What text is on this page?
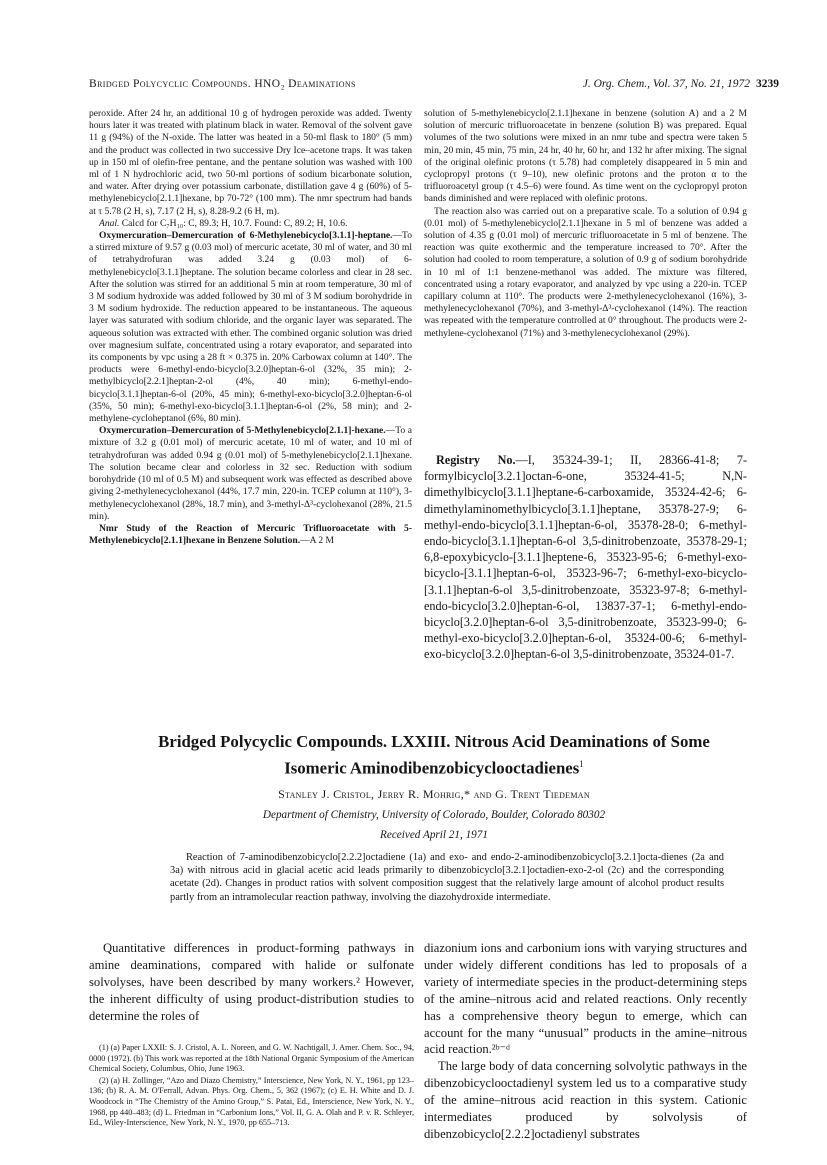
Bridged Polycyclic Compounds. HNO₂ Deaminations	J. Org. Chem., Vol. 37, No. 21, 1972 3239

peroxide. After 24 hr, an additional 10 g of hydrogen peroxide was added. Twenty hours later it was treated with platinum black in water. Removal of the solvent gave 11 g (94%) of the N-oxide. The latter was heated in a 50-ml flask to 180° (5 mm) and the product was collected in two successive Dry Ice–acetone traps. It was taken up in 150 ml of olefin-free pentane, and the pentane solution was washed with 100 ml of 1 N hydrochloric acid, two 50-ml portions of sodium bicarbonate solution, and water. After drying over potassium carbonate, distillation gave 4 g (60%) of 5-methylenebicyclo[2.1.1]hexane, bp 70-72° (100 mm). The nmr spectrum had bands at τ 5.78 (2 H, s), 7.17 (2 H, s), 8.28-9.2 (6 H, m).

Anal. Calcd for C₇H₁₀: C, 89.3; H, 10.7. Found: C, 89.2; H, 10.6.

Oxymercuration–Demercuration of 6-Methylenebicyclo[3.1.1]-heptane.—To a stirred mixture of 9.57 g (0.03 mol) of mercuric acetate, 30 ml of water, and 30 ml of tetrahydrofuran was added 3.24 g (0.03 mol) of 6-methylenebicyclo[3.1.1]heptane. The solution became colorless and clear in 28 sec. After the solution was stirred for an additional 5 min at room temperature, 30 ml of 3 M sodium hydroxide was added followed by 30 ml of 3 M sodium borohydride in 3 M sodium hydroxide. The reduction appeared to be instantaneous. The aqueous layer was saturated with sodium chloride, and the organic layer was separated. The aqueous solution was extracted with ether. The combined organic solution was dried over magnesium sulfate, concentrated using a rotary evaporator, and separated into its components by vpc using a 28 ft × 0.375 in. 20% Carbowax column at 140°. The products were 6-methyl-endo-bicyclo[3.2.0]heptan-6-ol (32%, 35 min); 2-methylbicyclo[2.2.1]heptan-2-ol (4%, 40 min); 6-methyl-endo-bicyclo[3.1.1]heptan-6-ol (20%, 45 min); 6-methyl-exo-bicyclo[3.2.0]heptan-6-ol (35%, 50 min); 6-methyl-exo-bicyclo[3.1.1]heptan-6-ol (2%, 58 min); and 2-methylene-cycloheptanol (6%, 80 min).

Oxymercuration–Demercuration of 5-Methylenebicyclo[2.1.1]-hexane.—To a mixture of 3.2 g (0.01 mol) of mercuric acetate, 10 ml of water, and 10 ml of tetrahydrofuran was added 0.94 g (0.01 mol) of 5-methylenebicyclo[2.1.1]hexane. The solution became clear and colorless in 32 sec. Reduction with sodium borohydride (10 ml of 0.5 M) and subsequent work was effected as described above giving 2-methylenecyclohexanol (44%, 17.7 min, 220-in. TCEP column at 110°), 3-methylenecyclohexanol (28%, 18.7 min), and 3-methyl-Δ³-cyclohexanol (28%, 21.5 min).

Nmr Study of the Reaction of Mercuric Trifluoroacetate with 5-Methylenebicyclo[2.1.1]hexane in Benzene Solution.—A 2 M

solution of 5-methylenebicyclo[2.1.1]hexane in benzene (solution A) and a 2 M solution of mercuric trifluoroacetate in benzene (solution B) was prepared. Equal volumes of the two solutions were mixed in an nmr tube and spectra were taken 5 min, 20 min, 45 min, 75 min, 24 hr, 40 hr, 60 hr, and 132 hr after mixing. The signal of the original olefinic protons (τ 5.78) had completely disappeared in 5 min and cyclopropyl protons (τ 9–10), new olefinic protons and the proton α to the trifluoroacetyl group (τ 4.5–6) were found. As time went on the cyclopropyl proton bands diminished and were replaced with olefinic protons.

The reaction also was carried out on a preparative scale. To a solution of 0.94 g (0.01 mol) of 5-methylenebicyclo[2.1.1]hexane in 5 ml of benzene was added a solution of 4.35 g (0.01 mol) of mercuric trifluoroacetate in 5 ml of benzene. The reaction was quite exothermic and the temperature increased to 70°. After the solution had cooled to room temperature, a solution of 0.9 g of sodium borohydride in 10 ml of 1:1 benzene-methanol was added. The mixture was filtered, concentrated using a rotary evaporator, and analyzed by vpc using a 220-in. TCEP capillary column at 110°. The products were 2-methylenecyclohexanol (16%), 3-methylenecyclohexanol (70%), and 3-methyl-Δ³-cyclohexanol (14%). The reaction was repeated with the temperature controlled at 0° throughout. The products were 2-methylene-cyclohexanol (71%) and 3-methylenecyclohexanol (29%).

Registry No.—I, 35324-39-1; II, 28366-41-8; 7-formylbicyclo[3.2.1]octan-6-one, 35324-41-5; N,N-dimethylbicyclo[3.1.1]heptane-6-carboxamide, 35324-42-6; 6-dimethylaminomethylbicyclo[3.1.1]heptane, 35378-27-9; 6-methyl-endo-bicyclo[3.1.1]heptan-6-ol, 35378-28-0; 6-methyl-endo-bicyclo[3.1.1]heptan-6-ol 3,5-dinitrobenzoate, 35378-29-1; 6,8-epoxybicyclo-[3.1.1]heptene-6, 35323-95-6; 6-methyl-exo-bicyclo-[3.1.1]heptan-6-ol, 35323-96-7; 6-methyl-exo-bicyclo-[3.1.1]heptan-6-ol 3,5-dinitrobenzoate, 35323-97-8; 6-methyl-endo-bicyclo[3.2.0]heptan-6-ol, 13837-37-1; 6-methyl-endo-bicyclo[3.2.0]heptan-6-ol 3,5-dinitrobenzoate, 35323-99-0; 6-methyl-exo-bicyclo[3.2.0]heptan-6-ol, 35324-00-6; 6-methyl-exo-bicyclo[3.2.0]heptan-6-ol 3,5-dinitrobenzoate, 35324-01-7.

Bridged Polycyclic Compounds. LXXIII. Nitrous Acid Deaminations of Some
Isomeric Aminodibenzobicyclooctadienes$^1$
Stanley J. Cristol, Jerry R. Mohrig,* and G. Trent Tiedeman
Department of Chemistry, University of Colorado, Boulder, Colorado 80302
Received April 21, 1971

Reaction of 7-aminodibenzobicyclo[2.2.2]octadiene (1a) and exo- and endo-2-aminodibenzobicyclo[3.2.1]octa-dienes (2a and 3a) with nitrous acid in glacial acetic acid leads primarily to dibenzobicyclo[3.2.1]octadien-exo-2-ol (2c) and the corresponding acetate (2d). Changes in product ratios with solvent composition suggest that the relatively large amount of alcohol product results partly from an intramolecular reaction pathway, involving the diazohydroxide intermediate.

Quantitative differences in product-forming pathways in amine deaminations, compared with halide or sulfonate solvolyses, have been described by many workers.² However, the inherent difficulty of using product-distribution studies to determine the roles of

(1) (a) Paper LXXII: S. J. Cristol, A. L. Noreen, and G. W. Nachtigall, J. Amer. Chem. Soc., 94, 0000 (1972). (b) This work was reported at the 18th National Organic Symposium of the American Chemical Society, Columbus, Ohio, June 1963.

(2) (a) H. Zollinger, “Azo and Diazo Chemistry,” Interscience, New York, N. Y., 1961, pp 123–136; (b) R. A. M. O'Ferrall, Advan. Phys. Org. Chem., 5, 362 (1967); (c) E. H. White and D. J. Woodcock in “The Chemistry of the Amino Group,” S. Patai, Ed., Interscience, New York, N. Y., 1968, pp 440–483; (d) L. Friedman in “Carbonium Ions,” Vol. II, G. A. Olah and P. v. R. Schleyer, Ed., Wiley-Interscience, New York, N. Y., 1970, pp 655–713.

diazonium ions and carbonium ions with varying structures and under widely different conditions has led to proposals of a variety of intermediate species in the product-determining steps of the amine–nitrous acid and related reactions. Only recently has a comprehensive theory begun to emerge, which can account for the many “unusual” products in the amine–nitrous acid reaction.²ᵇ⁻ᵈ

The large body of data concerning solvolytic pathways in the dibenzobicyclooctadienyl system led us to a comparative study of the amine–nitrous acid reaction in this system. Cationic intermediates produced by solvolysis of dibenzobicyclo[2.2.2]octadienyl substrates
